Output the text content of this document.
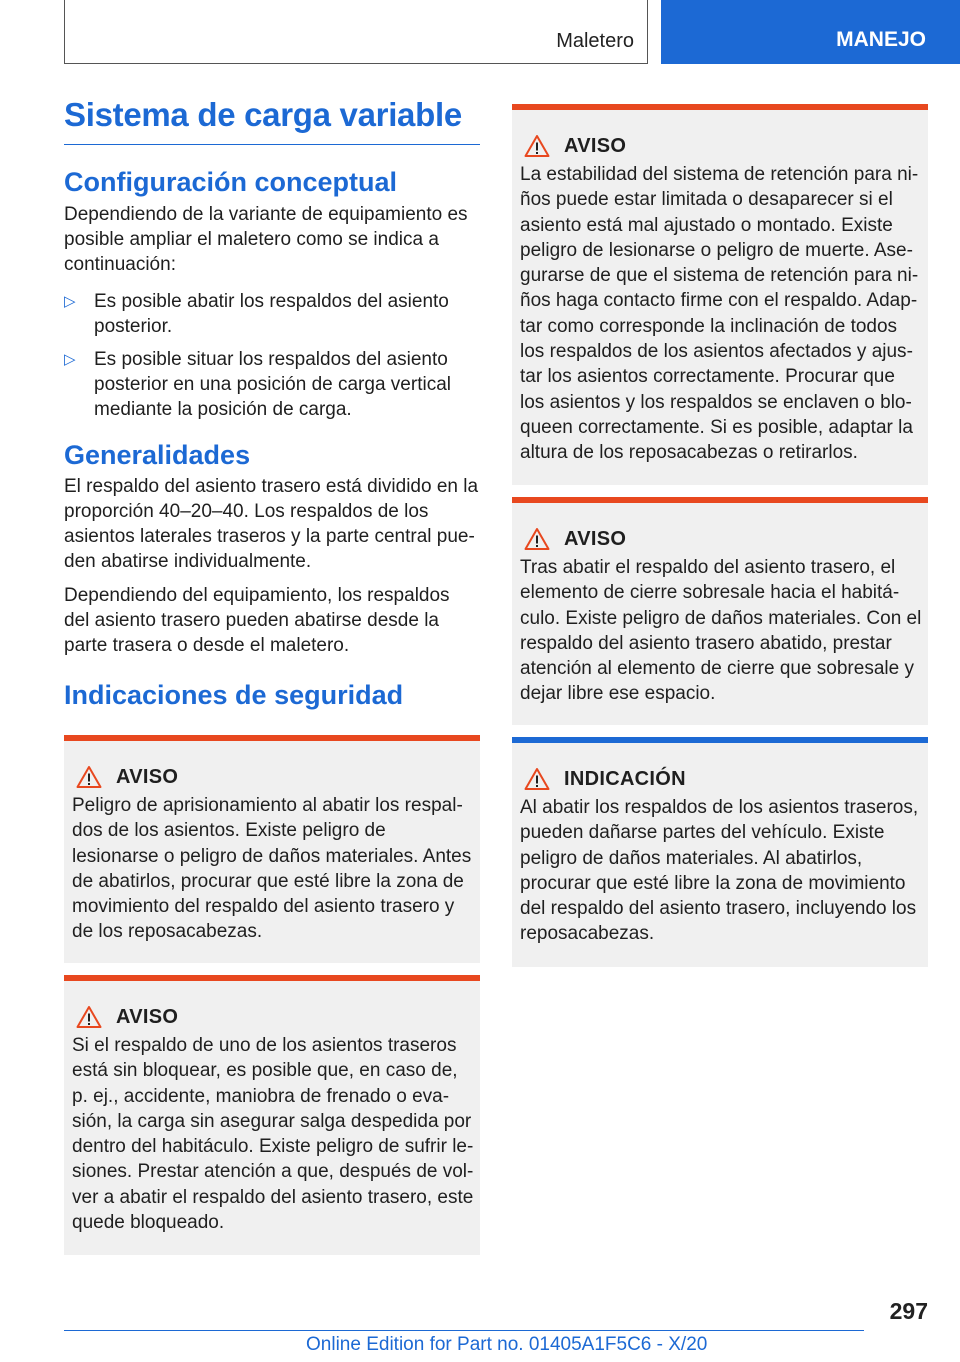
Maletero	MANEJO
Sistema de carga variable
Configuración conceptual

Dependiendo de la variante de equipamiento es posible ampliar el maletero como se indica a continuación:

▷ Es posible abatir los respaldos del asiento posterior.
▷ Es posible situar los respaldos del asiento posterior en una posición de carga vertical mediante la posición de carga.
Generalidades

El respaldo del asiento trasero está dividido en la proporción 40–20–40. Los respaldos de los asientos laterales traseros y la parte central pueden abatirse individualmente.

Dependiendo del equipamiento, los respaldos del asiento trasero pueden abatirse desde la parte trasera o desde el maletero.

Indicaciones de seguridad
AVISO

Peligro de aprisionamiento al abatir los respaldos de los asientos. Existe peligro de lesionarse o peligro de daños materiales. Antes de abatirlos, procurar que esté libre la zona de movimiento del respaldo del asiento trasero y de los reposacabezas.

AVISO

Si el respaldo de uno de los asientos traseros está sin bloquear, es posible que, en caso de, p. ej., accidente, maniobra de frenado o evasión, la carga sin asegurar salga despedida por dentro del habitáculo. Existe peligro de sufrir lesiones. Prestar atención a que, después de volver a abatir el respaldo del asiento trasero, este quede bloqueado.

AVISO

La estabilidad del sistema de retención para niños puede estar limitada o desaparecer si el asiento está mal ajustado o montado. Existe peligro de lesionarse o peligro de muerte. Asegurarse de que el sistema de retención para niños haga contacto firme con el respaldo. Adaptar como corresponde la inclinación de todos los respaldos de los asientos afectados y ajustar los asientos correctamente. Procurar que los asientos y los respaldos se enclaven o bloqueen correctamente. Si es posible, adaptar la altura de los reposacabezas o retirarlos.

AVISO

Tras abatir el respaldo del asiento trasero, el elemento de cierre sobresale hacia el habitáculo. Existe peligro de daños materiales. Con el respaldo del asiento trasero abatido, prestar atención al elemento de cierre que sobresale y dejar libre ese espacio.

INDICACIÓN

Al abatir los respaldos de los asientos traseros, pueden dañarse partes del vehículo. Existe peligro de daños materiales. Al abatirlos, procurar que esté libre la zona de movimiento del respaldo del asiento trasero, incluyendo los reposacabezas.

297
Online Edition for Part no. 01405A1F5C6 - X/20
